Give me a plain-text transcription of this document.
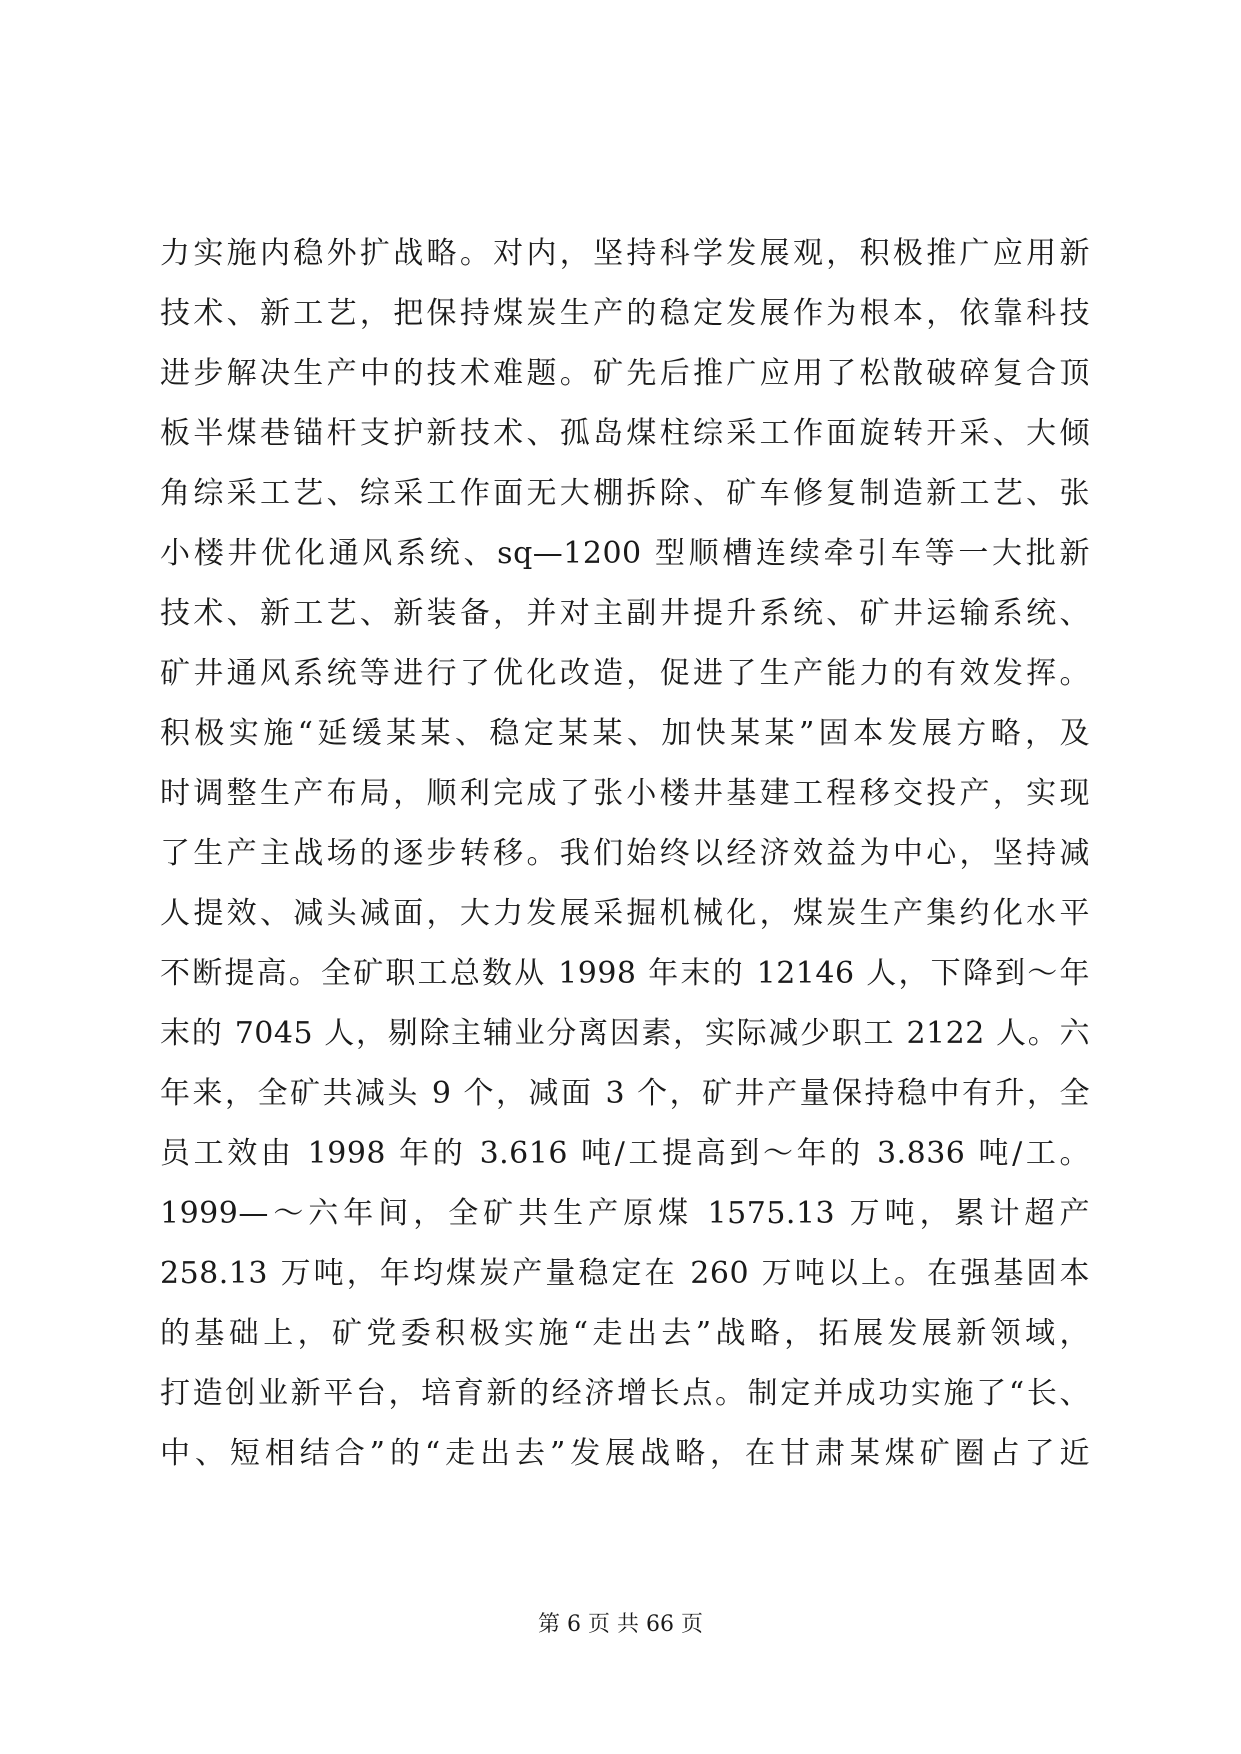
力实施内稳外扩战略。对内，坚持科学发展观，积极推广应用新
技术、新工艺，把保持煤炭生产的稳定发展作为根本，依靠科技
进步解决生产中的技术难题。矿先后推广应用了松散破碎复合顶
板半煤巷锚杆支护新技术、孤岛煤柱综采工作面旋转开采、大倾
角综采工艺、综采工作面无大棚拆除、矿车修复制造新工艺、张
小楼井优化通风系统、sq—1200 型顺槽连续牵引车等一大批新
技术、新工艺、新装备，并对主副井提升系统、矿井运输系统、
矿井通风系统等进行了优化改造，促进了生产能力的有效发挥。
积极实施“延缓某某、稳定某某、加快某某”固本发展方略，及
时调整生产布局，顺利完成了张小楼井基建工程移交投产，实现
了生产主战场的逐步转移。我们始终以经济效益为中心，坚持减
人提效、减头减面，大力发展采掘机械化，煤炭生产集约化水平
不断提高。全矿职工总数从 1998 年末的 12146 人，下降到～年
末的 7045 人，剔除主辅业分离因素，实际减少职工 2122 人。六
年来，全矿共减头 9 个，减面 3 个，矿井产量保持稳中有升，全
员工效由 1998 年的 3.616 吨/工提高到～年的 3.836 吨/工。
1999—～六年间，全矿共生产原煤 1575.13 万吨，累计超产
258.13 万吨，年均煤炭产量稳定在 260 万吨以上。在强基固本
的基础上，矿党委积极实施“走出去”战略，拓展发展新领域，
打造创业新平台，培育新的经济增长点。制定并成功实施了“长、
中、短相结合”的“走出去”发展战略，在甘肃某煤矿圈占了近
第 6 页 共 66 页
